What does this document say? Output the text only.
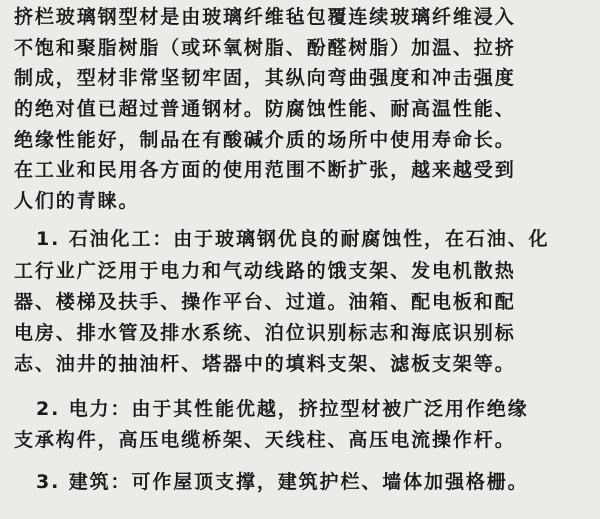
挤栏玻璃钢型材是由玻璃纤维毡包覆连续玻璃纤维浸入
不饱和聚脂树脂（或环氧树脂、酚醛树脂）加温、拉挤
制成，型材非常坚韧牢固，其纵向弯曲强度和冲击强度
的绝对值已超过普通钢材。防腐蚀性能、耐高温性能、
绝缘性能好，制品在有酸碱介质的场所中使用寿命长。
在工业和民用各方面的使用范围不断扩张，越来越受到
人们的青睐。
1. 石油化工：由于玻璃钢优良的耐腐蚀性，在石油、化
工行业广泛用于电力和气动线路的饿支架、发电机散热
器、楼梯及扶手、操作平台、过道。油箱、配电板和配
电房、排水管及排水系统、泊位识别标志和海底识别标
志、油井的抽油杆、塔器中的填料支架、滤板支架等。
2. 电力：由于其性能优越，挤拉型材被广泛用作绝缘
支承构件，高压电缆桥架、天线柱、高压电流操作杆。
3. 建筑：可作屋顶支撑，建筑护栏、墙体加强格栅。
